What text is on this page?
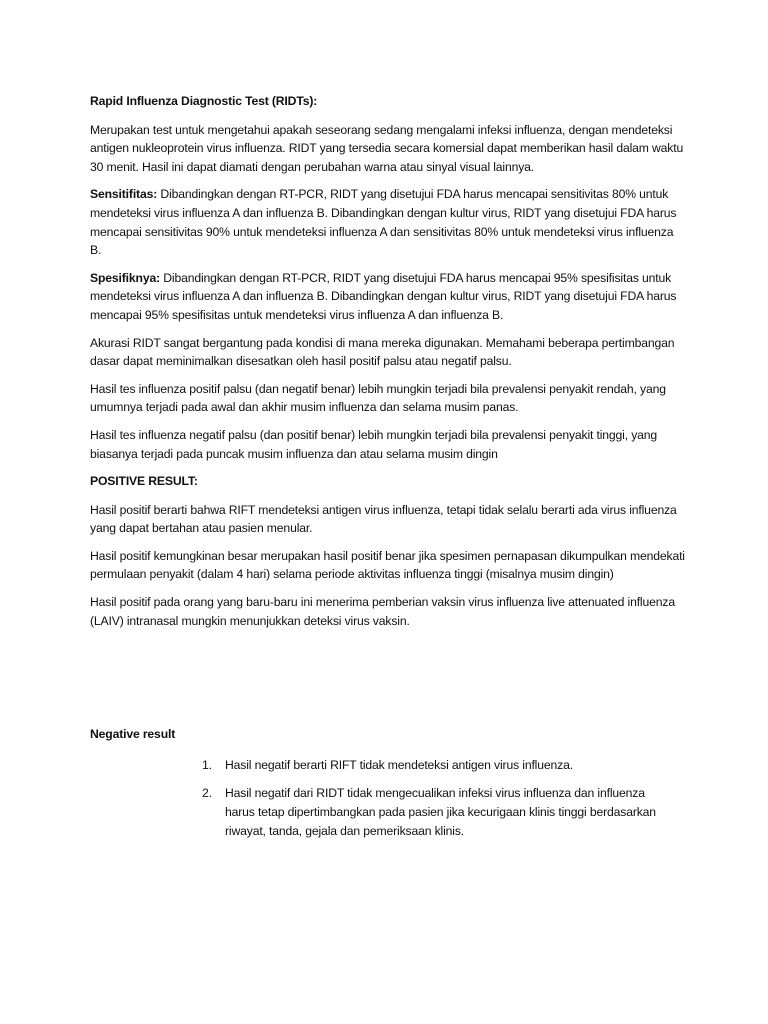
Rapid Influenza Diagnostic Test (RIDTs):

Merupakan test untuk mengetahui apakah seseorang sedang mengalami infeksi influenza, dengan mendeteksi antigen nukleoprotein virus influenza. RIDT yang tersedia secara komersial dapat memberikan hasil dalam waktu 30 menit. Hasil ini dapat diamati dengan perubahan warna atau sinyal visual lainnya.

Sensitifitas: Dibandingkan dengan RT-PCR, RIDT yang disetujui FDA harus mencapai sensitivitas 80% untuk mendeteksi virus influenza A dan influenza B. Dibandingkan dengan kultur virus, RIDT yang disetujui FDA harus mencapai sensitivitas 90% untuk mendeteksi influenza A dan sensitivitas 80% untuk mendeteksi virus influenza B.

Spesifiknya: Dibandingkan dengan RT-PCR, RIDT yang disetujui FDA harus mencapai 95% spesifisitas untuk mendeteksi virus influenza A dan influenza B. Dibandingkan dengan kultur virus, RIDT yang disetujui FDA harus mencapai 95% spesifisitas untuk mendeteksi virus influenza A dan influenza B.

Akurasi RIDT sangat bergantung pada kondisi di mana mereka digunakan. Memahami beberapa pertimbangan dasar dapat meminimalkan disesatkan oleh hasil positif palsu atau negatif palsu.

Hasil tes influenza positif palsu (dan negatif benar) lebih mungkin terjadi bila prevalensi penyakit rendah, yang umumnya terjadi pada awal dan akhir musim influenza dan selama musim panas.

Hasil tes influenza negatif palsu (dan positif benar) lebih mungkin terjadi bila prevalensi penyakit tinggi, yang biasanya terjadi pada puncak musim influenza dan atau selama musim dingin

POSITIVE RESULT:

Hasil positif berarti bahwa RIFT mendeteksi antigen virus influenza, tetapi tidak selalu berarti ada virus influenza yang dapat bertahan atau pasien menular.

Hasil positif kemungkinan besar merupakan hasil positif benar jika spesimen pernapasan dikumpulkan mendekati permulaan penyakit (dalam 4 hari) selama periode aktivitas influenza tinggi (misalnya musim dingin)

Hasil positif pada orang yang baru-baru ini menerima pemberian vaksin virus influenza live attenuated influenza (LAIV) intranasal mungkin menunjukkan deteksi virus vaksin.

Negative result

1. Hasil negatif berarti RIFT tidak mendeteksi antigen virus influenza.
2. Hasil negatif dari RIDT tidak mengecualikan infeksi virus influenza dan influenza harus tetap dipertimbangkan pada pasien jika kecurigaan klinis tinggi berdasarkan riwayat, tanda, gejala dan pemeriksaan klinis.
